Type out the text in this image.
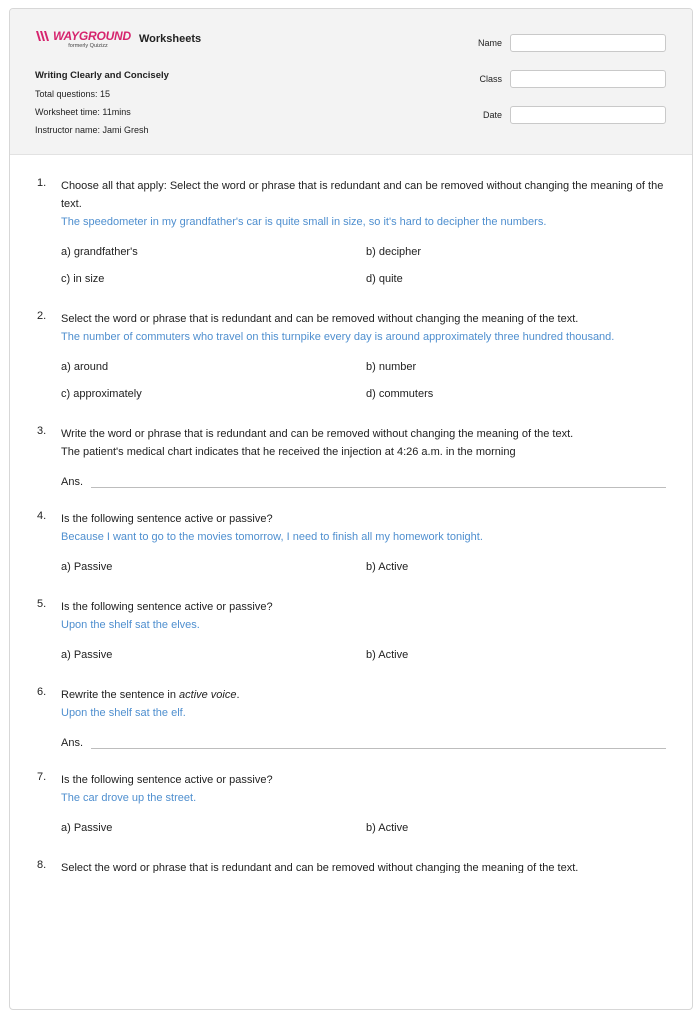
WAYGROUND
formerly Quizizz
Worksheets
Writing Clearly and Concisely
Total questions: 15
Worksheet time: 11mins
Instructor name: Jami Gresh
Name
Class
Date
1. Choose all that apply: Select the word or phrase that is redundant and can be removed without changing the meaning of the text.
The speedometer in my grandfather's car is quite small in size, so it's hard to decipher the numbers.
a) grandfather's	b) decipher
c) in size	d) quite
2. Select the word or phrase that is redundant and can be removed without changing the meaning of the text.
The number of commuters who travel on this turnpike every day is around approximately three hundred thousand.
a) around	b) number
c) approximately	d) commuters
3. Write the word or phrase that is redundant and can be removed without changing the meaning of the text.
The patient's medical chart indicates that he received the injection at 4:26 a.m. in the morning
Ans.
4. Is the following sentence active or passive?
Because I want to go to the movies tomorrow, I need to finish all my homework tonight.
a) Passive	b) Active
5. Is the following sentence active or passive?
Upon the shelf sat the elves.
a) Passive	b) Active
6. Rewrite the sentence in active voice.
Upon the shelf sat the elf.
Ans.
7. Is the following sentence active or passive?
The car drove up the street.
a) Passive	b) Active
8. Select the word or phrase that is redundant and can be removed without changing the meaning of the text.
